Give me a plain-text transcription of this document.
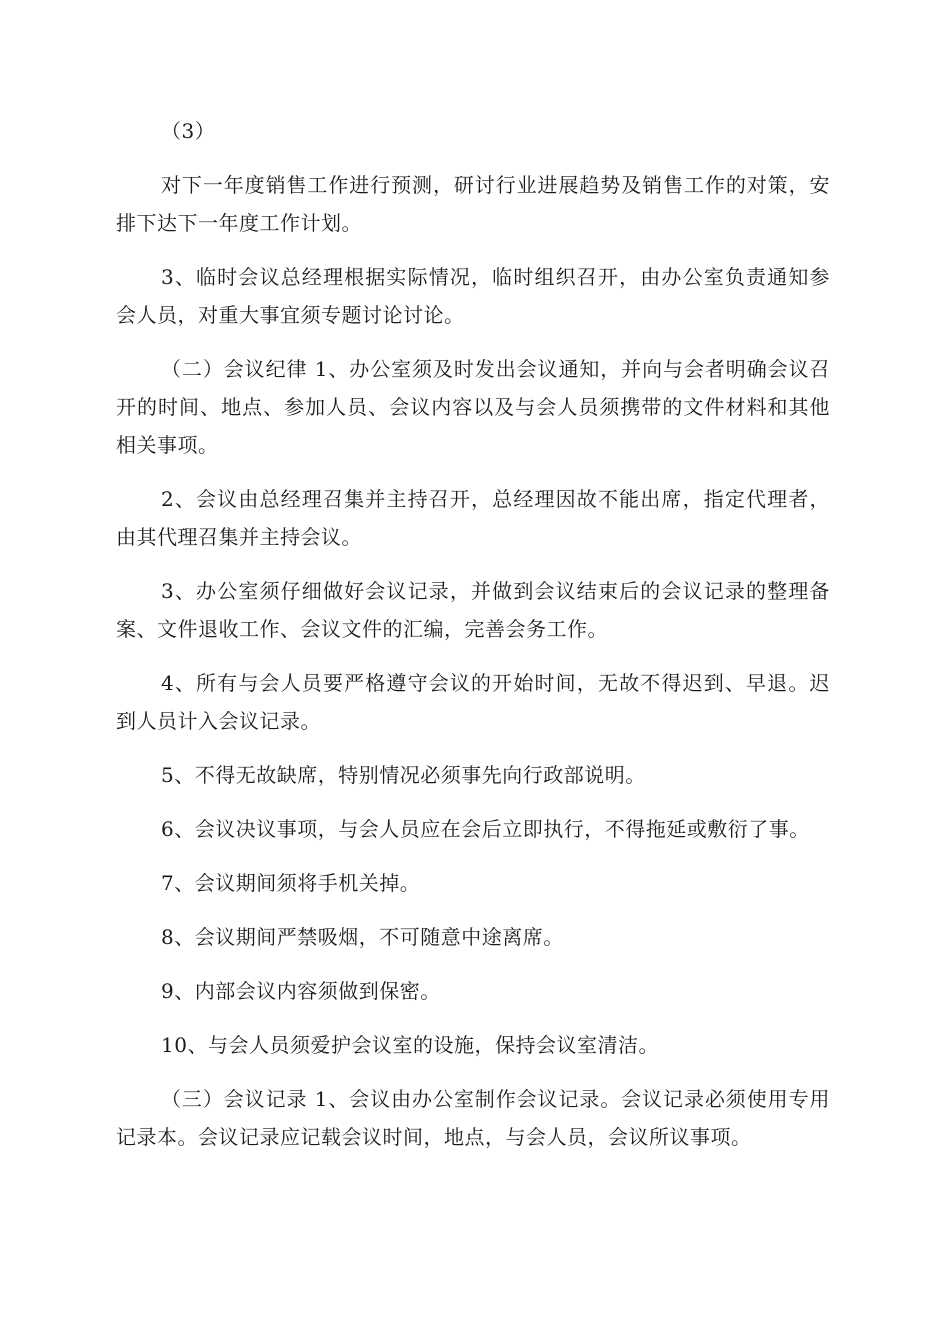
（3）

对下一年度销售工作进行预测，研讨行业进展趋势及销售工作的对策，安排下达下一年度工作计划。

3、临时会议总经理根据实际情况，临时组织召开，由办公室负责通知参会人员，对重大事宜须专题讨论讨论。

（二）会议纪律 1、办公室须及时发出会议通知，并向与会者明确会议召开的时间、地点、参加人员、会议内容以及与会人员须携带的文件材料和其他相关事项。

2、会议由总经理召集并主持召开，总经理因故不能出席，指定代理者，由其代理召集并主持会议。

3、办公室须仔细做好会议记录，并做到会议结束后的会议记录的整理备案、文件退收工作、会议文件的汇编，完善会务工作。

4、所有与会人员要严格遵守会议的开始时间，无故不得迟到、早退。迟到人员计入会议记录。

5、不得无故缺席，特别情况必须事先向行政部说明。

6、会议决议事项，与会人员应在会后立即执行，不得拖延或敷衍了事。

7、会议期间须将手机关掉。

8、会议期间严禁吸烟，不可随意中途离席。

9、内部会议内容须做到保密。

10、与会人员须爱护会议室的设施，保持会议室清洁。

（三）会议记录 1、会议由办公室制作会议记录。会议记录必须使用专用记录本。会议记录应记载会议时间，地点，与会人员，会议所议事项。
